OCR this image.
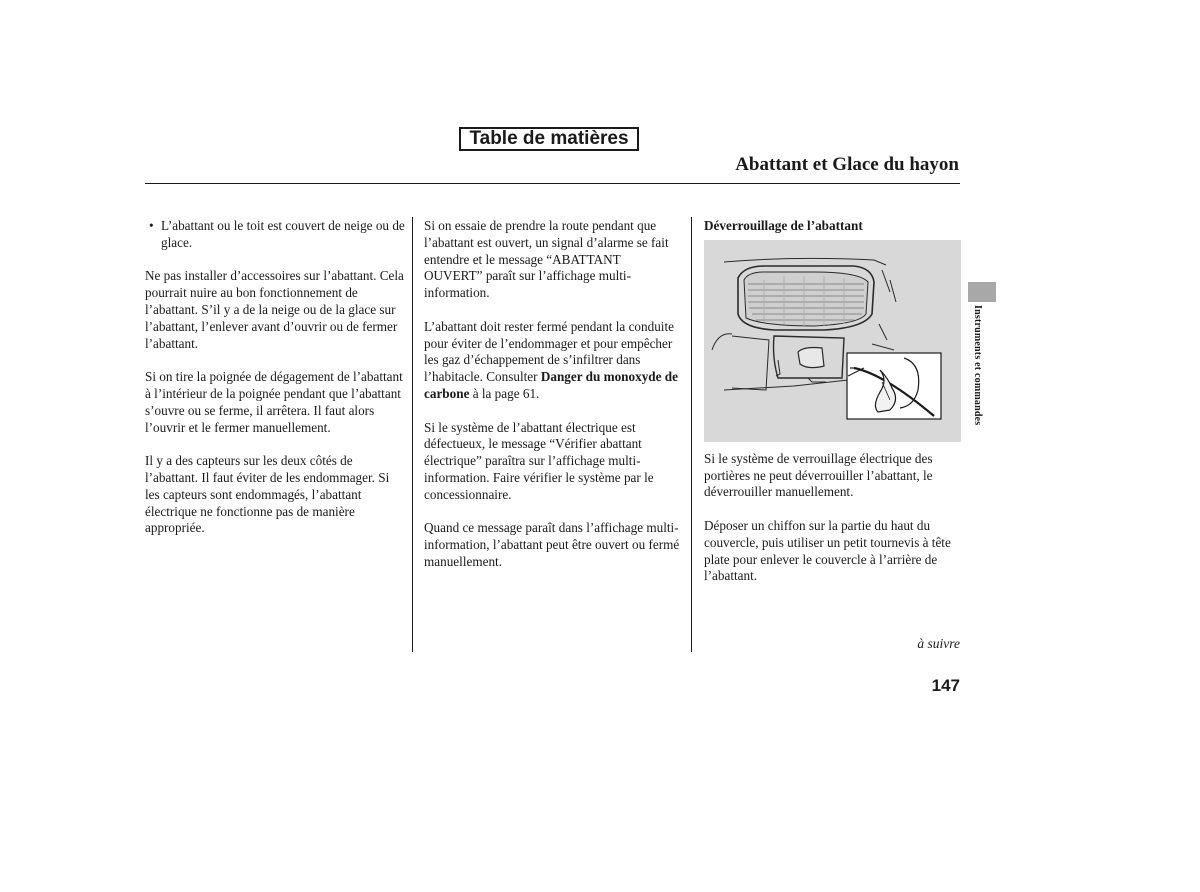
Table de matières
Abattant et Glace du hayon

• L’abattant ou le toit est couvert de neige ou de glace.

Ne pas installer d’accessoires sur l’abattant. Cela pourrait nuire au bon fonctionnement de l’abattant. S’il y a de la neige ou de la glace sur l’abattant, l’enlever avant d’ouvrir ou de fermer l’abattant.

Si on tire la poignée de dégagement de l’abattant à l’intérieur de la poignée pendant que l’abattant s’ouvre ou se ferme, il arrêtera. Il faut alors l’ouvrir et le fermer manuellement.

Il y a des capteurs sur les deux côtés de l’abattant. Il faut éviter de les endommager. Si les capteurs sont endommagés, l’abattant électrique ne fonctionne pas de manière appropriée.

Si on essaie de prendre la route pendant que l’abattant est ouvert, un signal d’alarme se fait entendre et le message “ABATTANT OUVERT” paraît sur l’affichage multi-information.

L’abattant doit rester fermé pendant la conduite pour éviter de l’endommager et pour empêcher les gaz d’échappement de s’infiltrer dans l’habitacle. Consulter Danger du monoxyde de carbone à la page 61.

Si le système de l’abattant électrique est défectueux, le message “Vérifier abattant électrique” paraîtra sur l’affichage multi-information. Faire vérifier le système par le concessionnaire.

Quand ce message paraît dans l’affichage multi-information, l’abattant peut être ouvert ou fermé manuellement.

Déverrouillage de l’abattant

Si le système de verrouillage électrique des portières ne peut déverrouiller l’abattant, le déverrouiller manuellement.

Déposer un chiffon sur la partie du haut du couvercle, puis utiliser un petit tournevis à tête plate pour enlever le couvercle à l’arrière de l’abattant.

Instruments et commandes
à suivre
147
